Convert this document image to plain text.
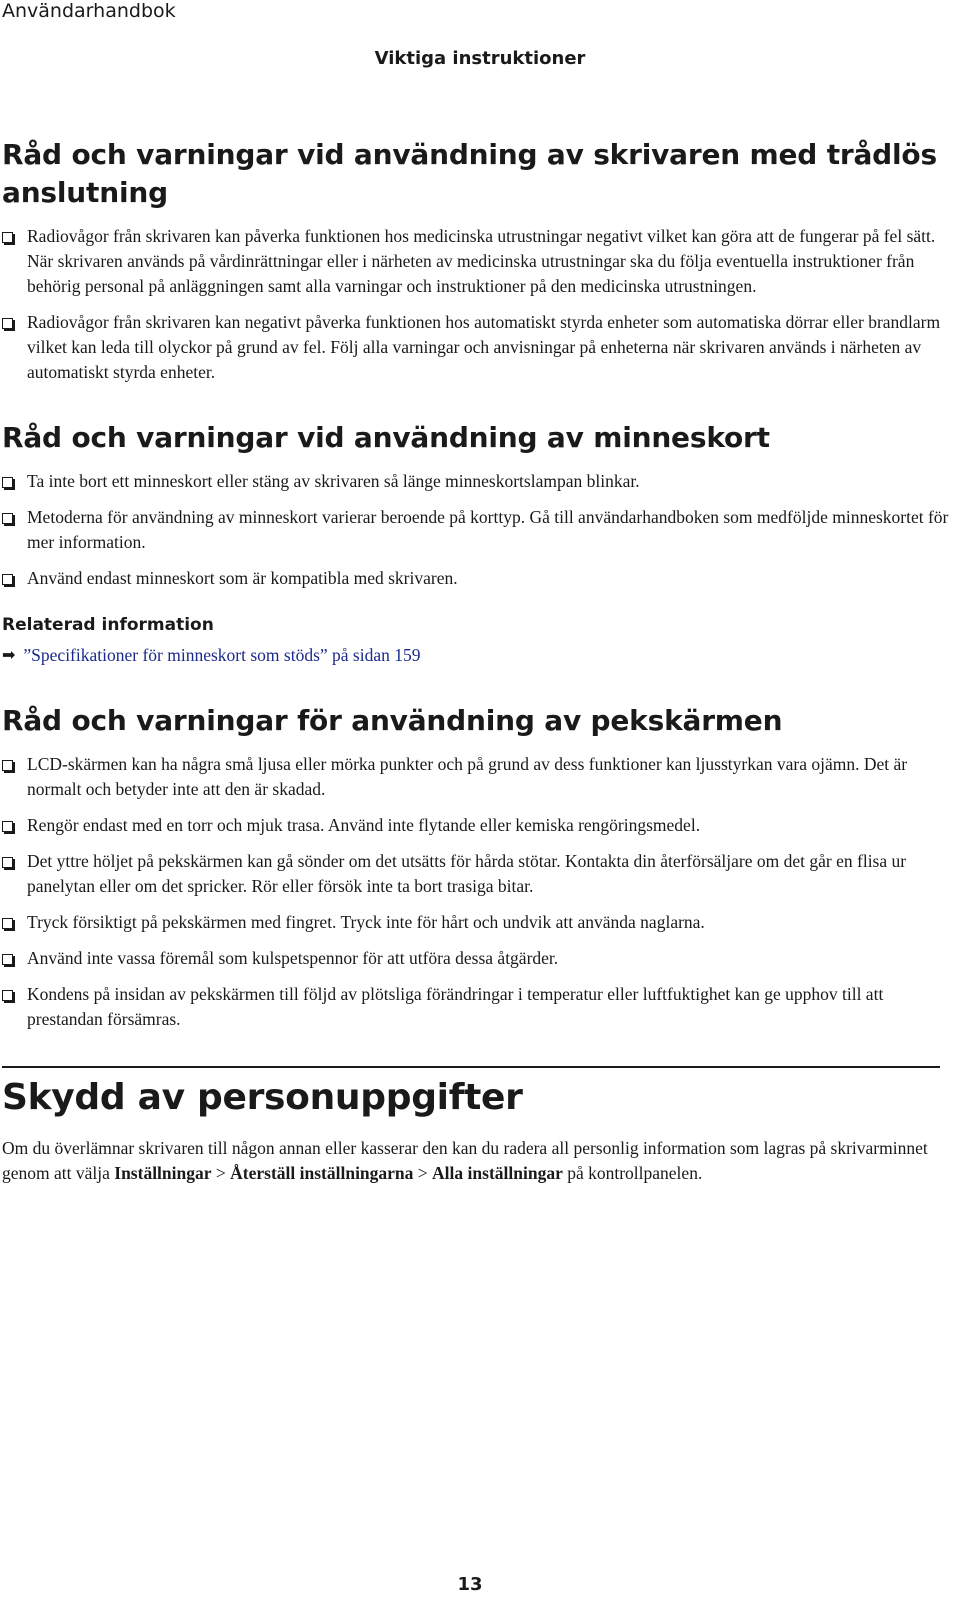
Användarhandbok
Viktiga instruktioner
Råd och varningar vid användning av skrivaren med trådlös anslutning
Radiovågor från skrivaren kan påverka funktionen hos medicinska utrustningar negativt vilket kan göra att de fungerar på fel sätt. När skrivaren används på vårdinrättningar eller i närheten av medicinska utrustningar ska du följa eventuella instruktioner från behörig personal på anläggningen samt alla varningar och instruktioner på den medicinska utrustningen.
Radiovågor från skrivaren kan negativt påverka funktionen hos automatiskt styrda enheter som automatiska dörrar eller brandlarm vilket kan leda till olyckor på grund av fel. Följ alla varningar och anvisningar på enheterna när skrivaren används i närheten av automatiskt styrda enheter.
Råd och varningar vid användning av minneskort
Ta inte bort ett minneskort eller stäng av skrivaren så länge minneskortslampan blinkar.
Metoderna för användning av minneskort varierar beroende på korttyp. Gå till användarhandboken som medföljde minneskortet för mer information.
Använd endast minneskort som är kompatibla med skrivaren.
Relaterad information
➡ ”Specifikationer för minneskort som stöds” på sidan 159
Råd och varningar för användning av pekskärmen
LCD-skärmen kan ha några små ljusa eller mörka punkter och på grund av dess funktioner kan ljusstyrkan vara ojämn. Det är normalt och betyder inte att den är skadad.
Rengör endast med en torr och mjuk trasa. Använd inte flytande eller kemiska rengöringsmedel.
Det yttre höljet på pekskärmen kan gå sönder om det utsätts för hårda stötar. Kontakta din återförsäljare om det går en flisa ur panelytan eller om det spricker. Rör eller försök inte ta bort trasiga bitar.
Tryck försiktigt på pekskärmen med fingret. Tryck inte för hårt och undvik att använda naglarna.
Använd inte vassa föremål som kulspetspennor för att utföra dessa åtgärder.
Kondens på insidan av pekskärmen till följd av plötsliga förändringar i temperatur eller luftfuktighet kan ge upphov till att prestandan försämras.
Skydd av personuppgifter

Om du överlämnar skrivaren till någon annan eller kasserar den kan du radera all personlig information som lagras på skrivarminnet genom att välja Inställningar > Återställ inställningarna > Alla inställningar på kontrollpanelen.

13
